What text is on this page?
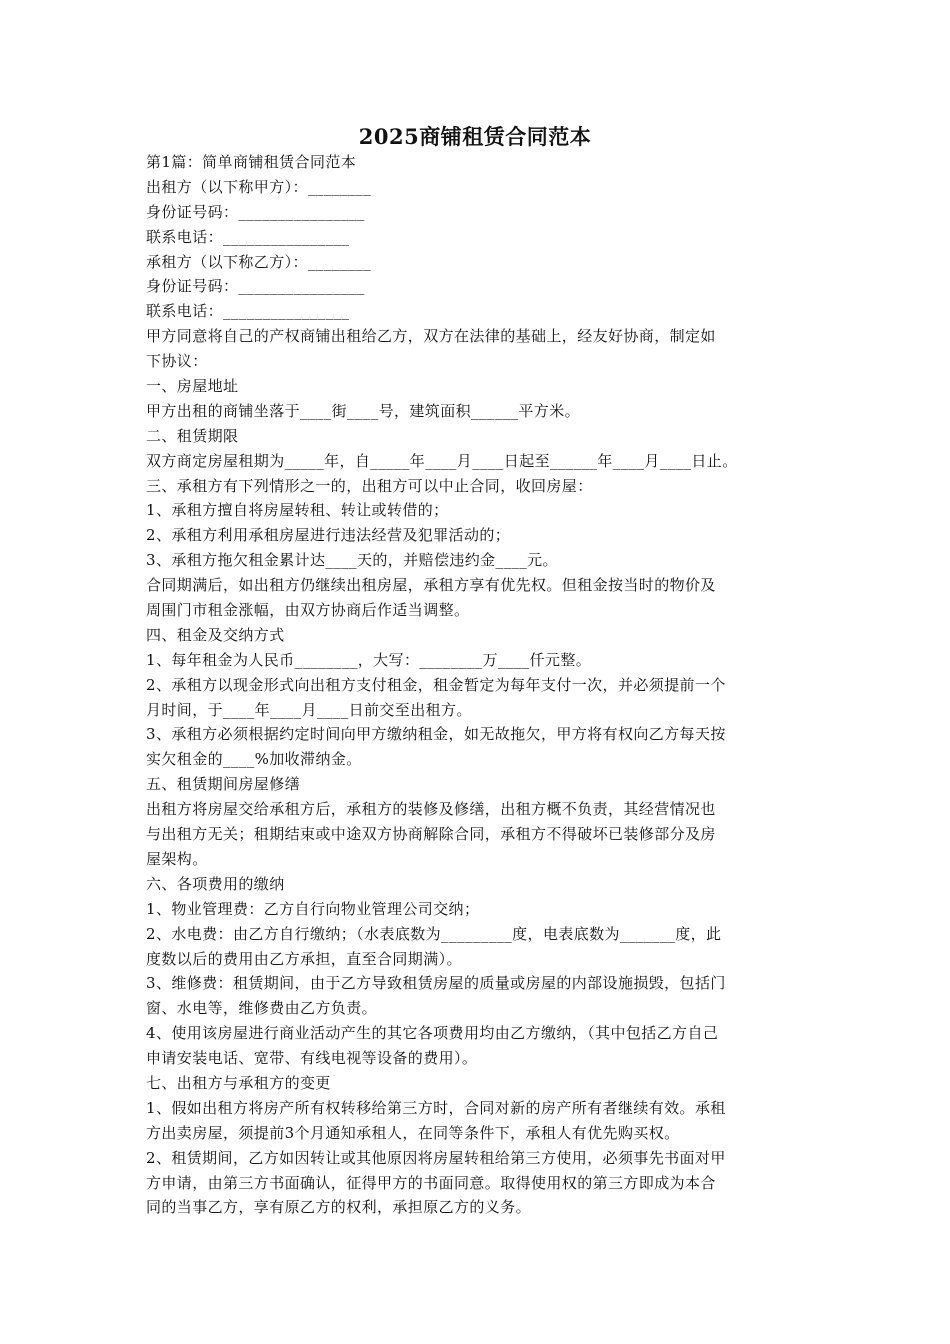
2025商铺租赁合同范本
第1篇：简单商铺租赁合同范本
出租方（以下称甲方）：________
身份证号码：________________
联系电话：________________
承租方（以下称乙方）：________
身份证号码：________________
联系电话：________________
甲方同意将自己的产权商铺出租给乙方，双方在法律的基础上，经友好协商，制定如
下协议：
一、房屋地址
甲方出租的商铺坐落于____街____号，建筑面积______平方米。
二、租赁期限
双方商定房屋租期为_____年，自_____年____月____日起至______年____月____日止。
三、承租方有下列情形之一的，出租方可以中止合同，收回房屋：
1、承租方擅自将房屋转租、转让或转借的；
2、承租方利用承租房屋进行违法经营及犯罪活动的；
3、承租方拖欠租金累计达____天的，并赔偿违约金____元。
合同期满后，如出租方仍继续出租房屋，承租方享有优先权。但租金按当时的物价及
周围门市租金涨幅，由双方协商后作适当调整。
四、租金及交纳方式
1、每年租金为人民币________，大写：________万____仟元整。
2、承租方以现金形式向出租方支付租金，租金暂定为每年支付一次，并必须提前一个
月时间，于____年____月____日前交至出租方。
3、承租方必须根据约定时间向甲方缴纳租金，如无故拖欠，甲方将有权向乙方每天按
实欠租金的____%加收滞纳金。
五、租赁期间房屋修缮
出租方将房屋交给承租方后，承租方的装修及修缮，出租方概不负责，其经营情况也
与出租方无关；租期结束或中途双方协商解除合同，承租方不得破坏已装修部分及房
屋架构。
六、各项费用的缴纳
1、物业管理费：乙方自行向物业管理公司交纳；
2、水电费：由乙方自行缴纳；（水表底数为_________度，电表底数为_______度，此
度数以后的费用由乙方承担，直至合同期满）。
3、维修费：租赁期间，由于乙方导致租赁房屋的质量或房屋的内部设施损毁，包括门
窗、水电等，维修费由乙方负责。
4、使用该房屋进行商业活动产生的其它各项费用均由乙方缴纳，（其中包括乙方自己
申请安装电话、宽带、有线电视等设备的费用）。
七、出租方与承租方的变更
1、假如出租方将房产所有权转移给第三方时，合同对新的房产所有者继续有效。承租
方出卖房屋，须提前3个月通知承租人，在同等条件下，承租人有优先购买权。
2、租赁期间，乙方如因转让或其他原因将房屋转租给第三方使用，必须事先书面对甲
方申请，由第三方书面确认，征得甲方的书面同意。取得使用权的第三方即成为本合
同的当事乙方，享有原乙方的权利，承担原乙方的义务。
